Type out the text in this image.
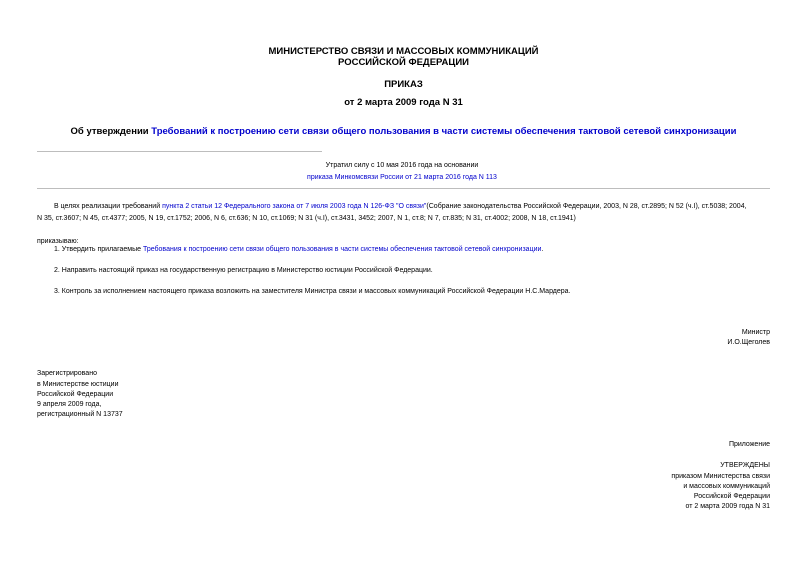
МИНИСТЕРСТВО СВЯЗИ И МАССОВЫХ КОММУНИКАЦИЙ
РОССИЙСКОЙ ФЕДЕРАЦИИ
ПРИКАЗ
от 2 марта 2009 года N 31
Об утверждении Требований к построению сети связи общего пользования в части системы обеспечения тактовой сетевой синхронизации
Утратил силу с 10 мая 2016 года на основании
приказа Минкомсвязи России от 21 марта 2016 года N 113
В целях реализации требований пункта 2 статьи 12 Федерального закона от 7 июля 2003 года N 126-ФЗ "О связи"(Собрание законодательства Российской Федерации, 2003, N 28, ст.2895; N 52 (ч.I), ст.5038; 2004,
N 35, ст.3607; N 45, ст.4377; 2005, N 19, ст.1752; 2006, N 6, ст.636; N 10, ст.1069; N 31 (ч.I), ст.3431, 3452; 2007, N 1, ст.8; N 7, ст.835; N 31, ст.4002; 2008, N 18, ст.1941)
приказываю:
1. Утвердить прилагаемые Требования к построению сети связи общего пользования в части системы обеспечения тактовой сетевой синхронизации.
2. Направить настоящий приказ на государственную регистрацию в Министерство юстиции Российской Федерации.
3. Контроль за исполнением настоящего приказа возложить на заместителя Министра связи и массовых коммуникаций Российской Федерации Н.С.Мардера.
Министр
И.О.Щеголев
Зарегистрировано
в Министерстве юстиции
Российской Федерации
9 апреля 2009 года,
регистрационный N 13737
Приложение
УТВЕРЖДЕНЫ
приказом Министерства связи
и массовых коммуникаций
Российской Федерации
от 2 марта 2009 года N 31
